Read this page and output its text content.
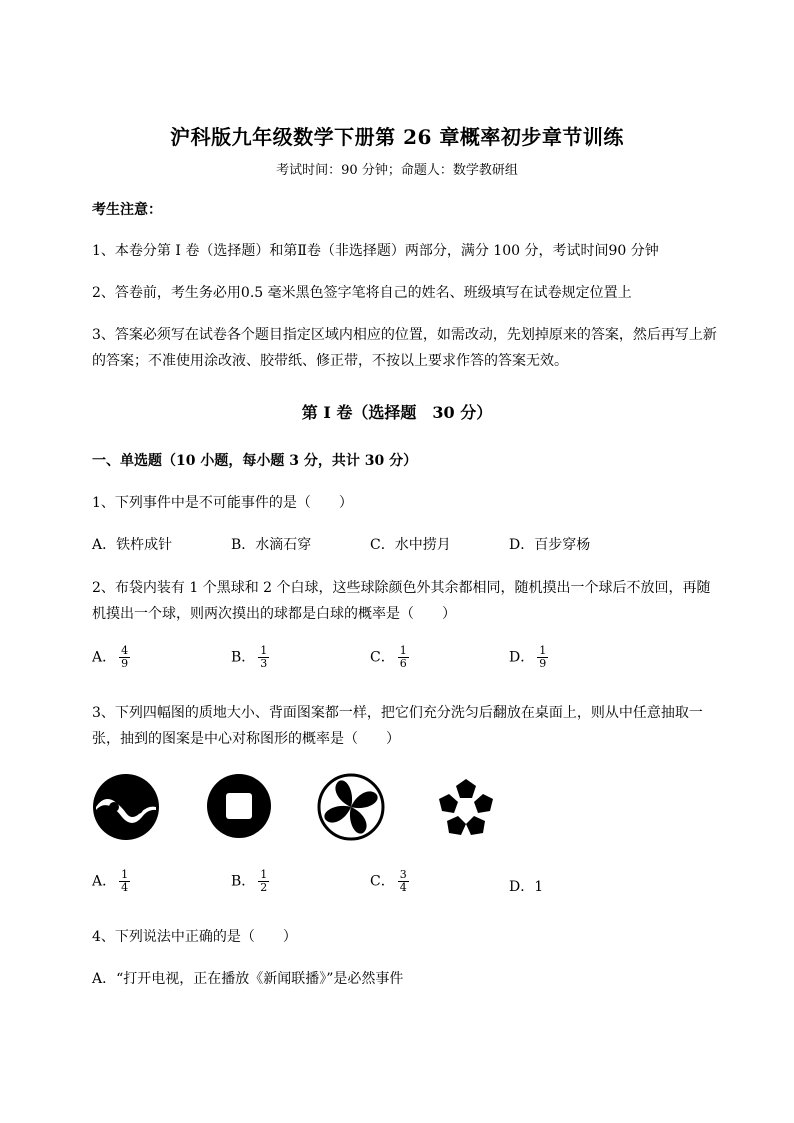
沪科版九年级数学下册第 26 章概率初步章节训练
考试时间：90 分钟；命题人：数学教研组
考生注意：
1、本卷分第 I 卷（选择题）和第Ⅱ卷（非选择题）两部分，满分 100 分，考试时间90 分钟
2、答卷前，考生务必用0.5 毫米黑色签字笔将自己的姓名、班级填写在试卷规定位置上
3、答案必须写在试卷各个题目指定区域内相应的位置，如需改动，先划掉原来的答案，然后再写上新
的答案；不准使用涂改液、胶带纸、修正带，不按以上要求作答的答案无效。
第 I 卷（选择题　30 分）
一、单选题（10 小题，每小题 3 分，共计 30 分）
1、下列事件中是不可能事件的是（　　）
A．铁杵成针	B．水滴石穿	C．水中捞月	D．百步穿杨
2、布袋内装有 1 个黑球和 2 个白球，这些球除颜色外其余都相同，随机摸出一个球后不放回，再随
机摸出一个球，则两次摸出的球都是白球的概率是（　　）
A． $\frac{4}{9}$	B． $\frac{1}{3}$	C． $\frac{1}{6}$	D． $\frac{1}{9}$
3、下列四幅图的质地大小、背面图案都一样，把它们充分洗匀后翻放在桌面上，则从中任意抽取一
张，抽到的图案是中心对称图形的概率是（　　）
A． $\frac{1}{4}$	B． $\frac{1}{2}$	C． $\frac{3}{4}$	D．1
4、下列说法中正确的是（　　）
A．“打开电视，正在播放《新闻联播》”是必然事件
